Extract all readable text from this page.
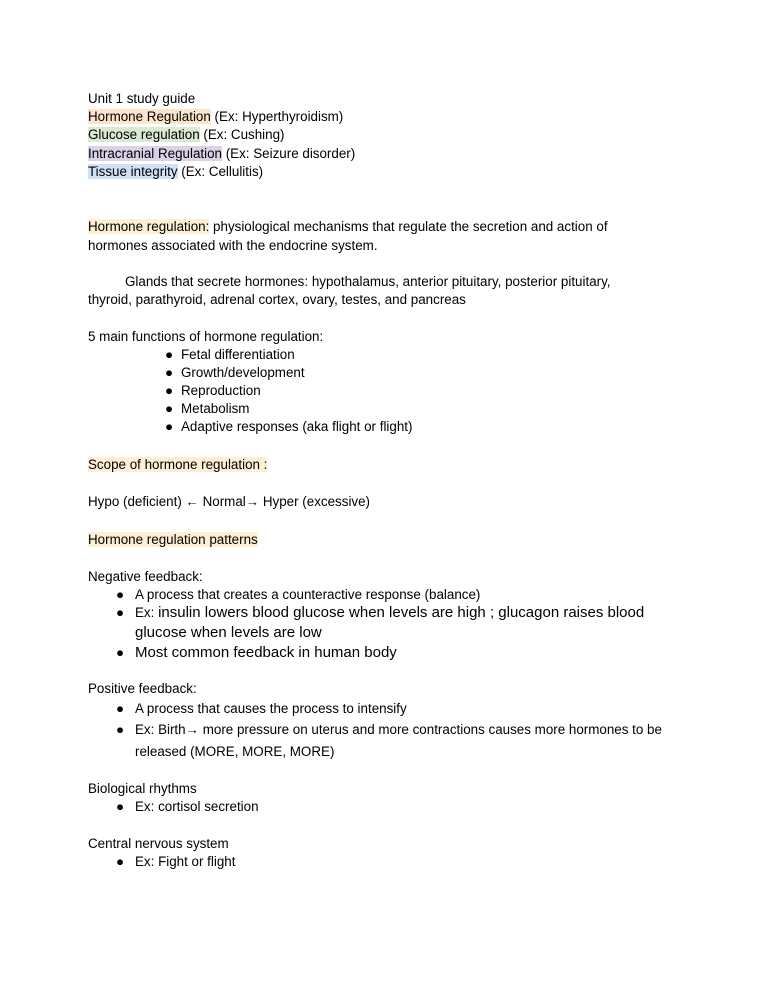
Unit 1 study guide
Hormone Regulation (Ex: Hyperthyroidism)
Glucose regulation (Ex: Cushing)
Intracranial Regulation (Ex: Seizure disorder)
Tissue integrity (Ex: Cellulitis)
Hormone regulation: physiological mechanisms that regulate the secretion and action of
hormones associated with the endocrine system.
Glands that secrete hormones: hypothalamus, anterior pituitary, posterior pituitary,
thyroid, parathyroid, adrenal cortex, ovary, testes, and pancreas
5 main functions of hormone regulation:
● Fetal differentiation
● Growth/development
● Reproduction
● Metabolism
● Adaptive responses (aka flight or flight)
Scope of hormone regulation :
Hypo (deficient) ← Normal→ Hyper (excessive)
Hormone regulation patterns
Negative feedback:
● A process that creates a counteractive response (balance)
● Ex: insulin lowers blood glucose when levels are high ; glucagon raises blood
glucose when levels are low
● Most common feedback in human body
Positive feedback:
● A process that causes the process to intensify
● Ex: Birth→ more pressure on uterus and more contractions causes more hormones to be
released (MORE, MORE, MORE)
Biological rhythms
● Ex: cortisol secretion
Central nervous system
● Ex: Fight or flight
